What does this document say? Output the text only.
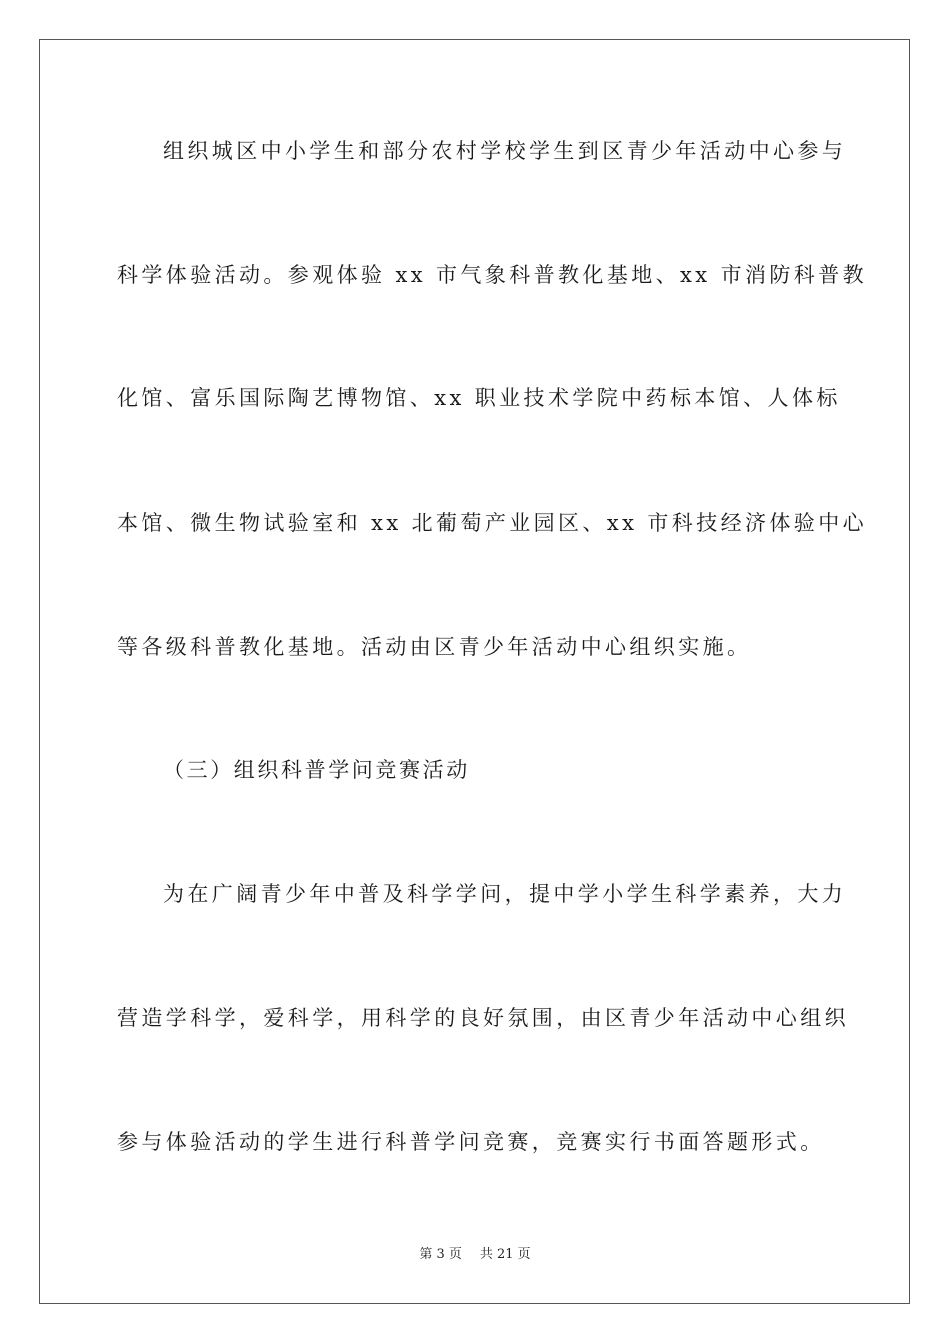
组织城区中小学生和部分农村学校学生到区青少年活动中心参与
科学体验活动。参观体验 xx 市气象科普教化基地、xx 市消防科普教
化馆、富乐国际陶艺博物馆、xx 职业技术学院中药标本馆、人体标
本馆、微生物试验室和 xx 北葡萄产业园区、xx 市科技经济体验中心
等各级科普教化基地。活动由区青少年活动中心组织实施。
（三）组织科普学问竞赛活动
为在广阔青少年中普及科学学问，提中学小学生科学素养，大力
营造学科学，爱科学，用科学的良好氛围，由区青少年活动中心组织
参与体验活动的学生进行科普学问竞赛，竞赛实行书面答题形式。
第 3 页 共 21 页
